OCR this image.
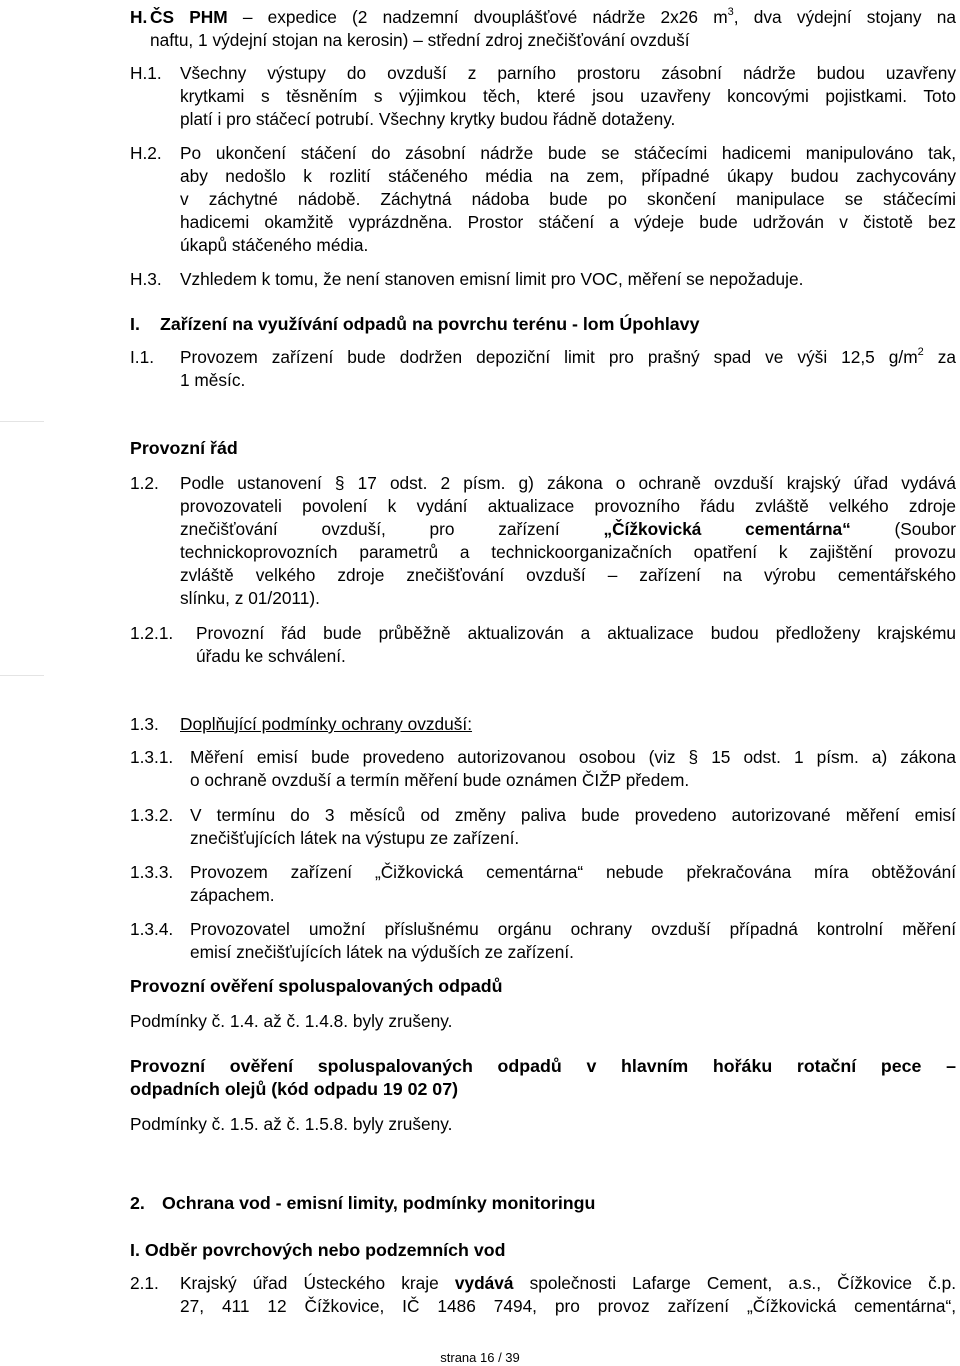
H. ČS PHM – expedice (2 nadzemní dvouplášťové nádrže 2x26 $m^3$, dva výdejní stojany na
naftu, 1 výdejní stojan na kerosin) – střední zdroj znečišťování ovzduší
H.1. Všechny výstupy do ovzduší z parního prostoru zásobní nádrže budou uzavřeny
krytkami s těsněním s výjimkou těch, které jsou uzavřeny koncovými pojistkami. Toto
platí i pro stáčecí potrubí. Všechny krytky budou řádně dotaženy.
H.2. Po ukončení stáčení do zásobní nádrže bude se stáčecími hadicemi manipulováno tak,
aby nedošlo k rozlití stáčeného média na zem, případné úkapy budou zachycovány
v záchytné nádobě. Záchytná nádoba bude po skončení manipulace se stáčecími
hadicemi okamžitě vyprázdněna. Prostor stáčení a výdeje bude udržován v čistotě bez
úkapů stáčeného média.
H.3. Vzhledem k tomu, že není stanoven emisní limit pro VOC, měření se nepožaduje.
I. Zařízení na využívání odpadů na povrchu terénu - lom Úpohlavy
I.1. Provozem zařízení bude dodržen depoziční limit pro prašný spad ve výši 12,5 $g/m^2$ za
1 měsíc.
Provozní řád
1.2. Podle ustanovení § 17 odst. 2 písm. g) zákona o ochraně ovzduší krajský úřad vydává
provozovateli povolení k vydání aktualizace provozního řádu zvláště velkého zdroje
znečišťování ovzduší, pro zařízení „Čížkovická cementárna“ (Soubor
technickoprovozních parametrů a technickoorganizačních opatření k zajištění provozu
zvláště velkého zdroje znečišťování ovzduší – zařízení na výrobu cementářského
slínku, z 01/2011).
1.2.1. Provozní řád bude průběžně aktualizován a aktualizace budou předloženy krajskému
úřadu ke schválení.
1.3. Doplňující podmínky ochrany ovzduší:
1.3.1. Měření emisí bude provedeno autorizovanou osobou (viz § 15 odst. 1 písm. a) zákona
o ochraně ovzduší a termín měření bude oznámen ČIŽP předem.
1.3.2. V termínu do 3 měsíců od změny paliva bude provedeno autorizované měření emisí
znečišťujících látek na výstupu ze zařízení.
1.3.3. Provozem zařízení „Čižkovická cementárna“ nebude překračována míra obtěžování
zápachem.
1.3.4. Provozovatel umožní příslušnému orgánu ochrany ovzduší případná kontrolní měření
emisí znečišťujících látek na výduších ze zařízení.
Provozní ověření spoluspalovaných odpadů
Podmínky č. 1.4. až č. 1.4.8. byly zrušeny.
Provozní ověření spoluspalovaných odpadů v hlavním hořáku rotační pece –
odpadních olejů (kód odpadu 19 02 07)
Podmínky č. 1.5. až č. 1.5.8. byly zrušeny.
2. Ochrana vod - emisní limity, podmínky monitoringu
I. Odběr povrchových nebo podzemních vod
2.1. Krajský úřad Ústeckého kraje vydává společnosti Lafarge Cement, a.s., Čížkovice č.p.
27, 411 12 Čížkovice, IČ 1486 7494, pro provoz zařízení „Čížkovická cementárna“,
strana 16 / 39
